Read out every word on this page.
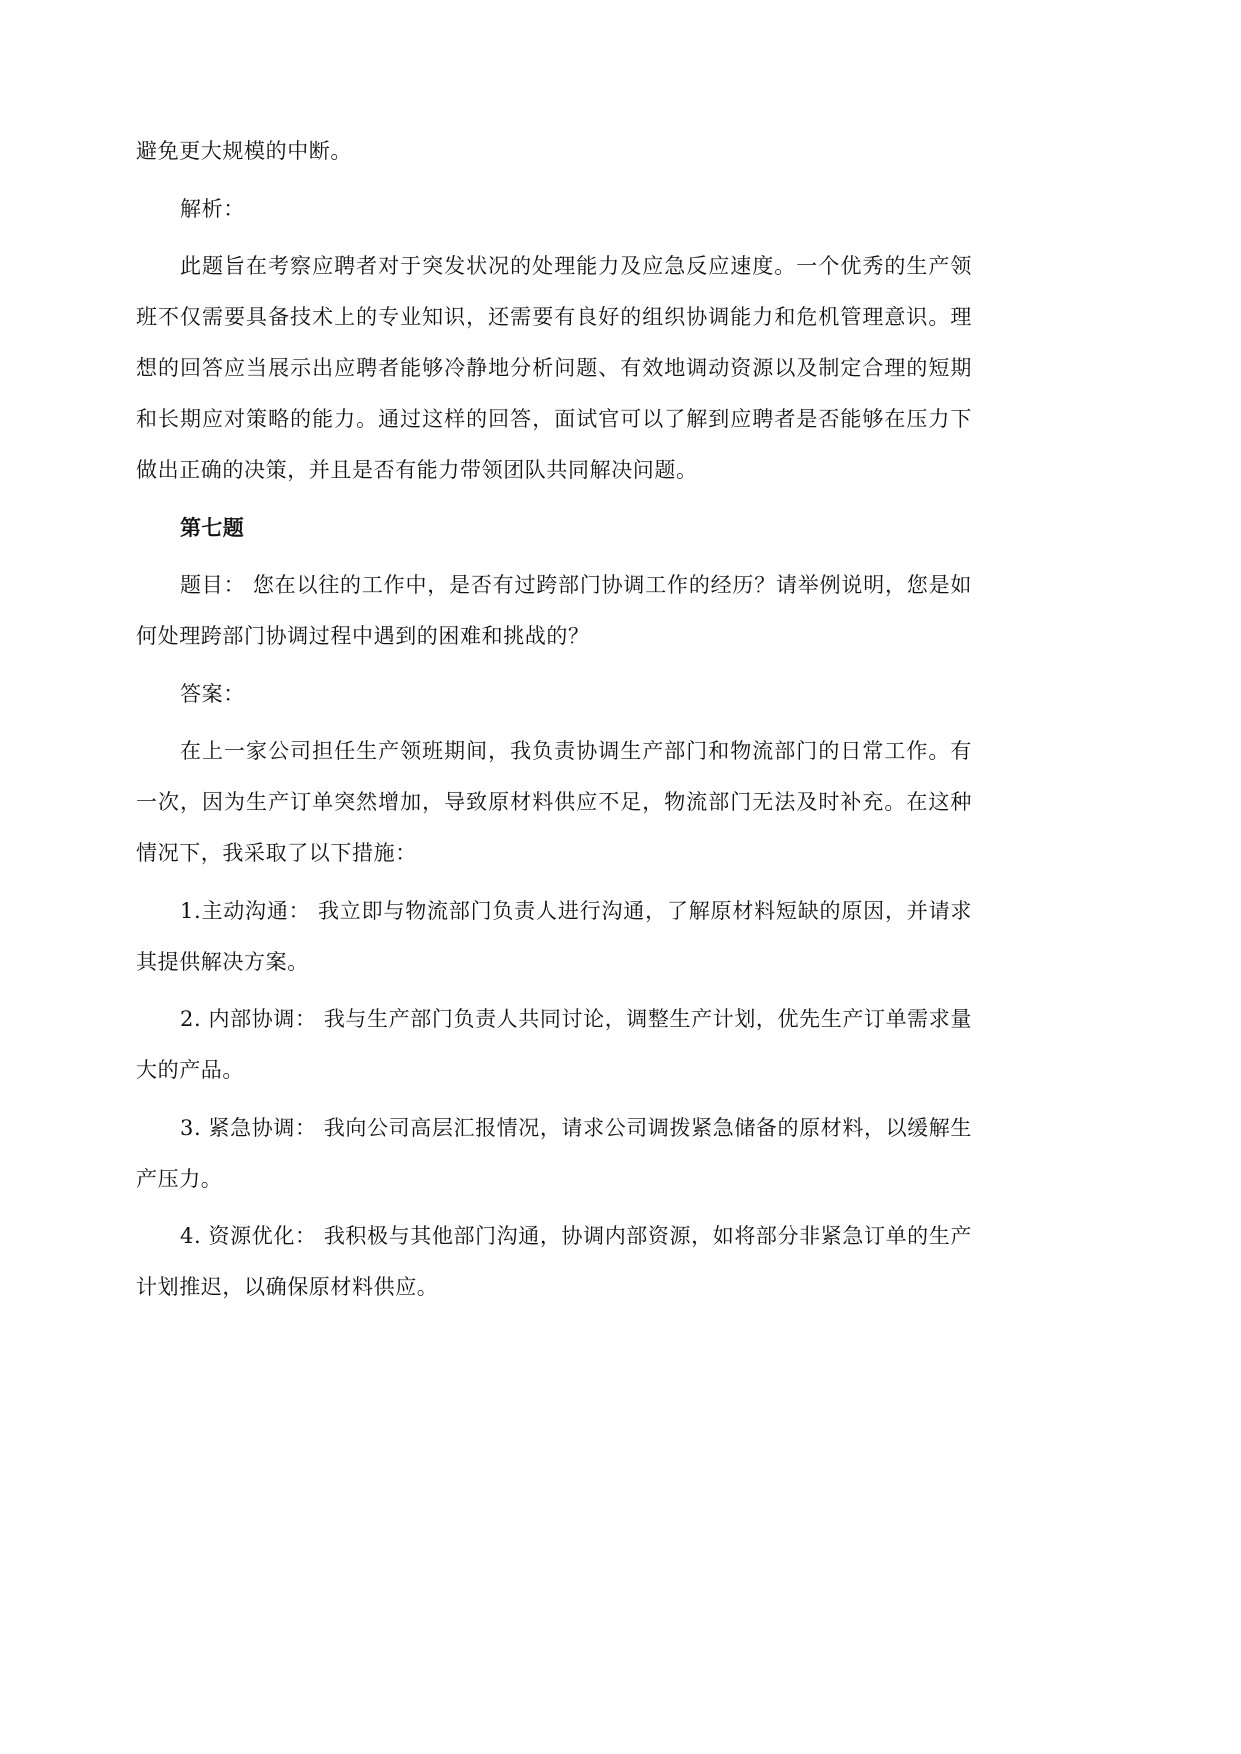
避免更大规模的中断。

解析：

此题旨在考察应聘者对于突发状况的处理能力及应急反应速度。一个优秀的生产领班不仅需要具备技术上的专业知识，还需要有良好的组织协调能力和危机管理意识。理想的回答应当展示出应聘者能够冷静地分析问题、有效地调动资源以及制定合理的短期和长期应对策略的能力。通过这样的回答，面试官可以了解到应聘者是否能够在压力下做出正确的决策，并且是否有能力带领团队共同解决问题。

第七题

题目： 您在以往的工作中，是否有过跨部门协调工作的经历？请举例说明，您是如何处理跨部门协调过程中遇到的困难和挑战的？

答案：

在上一家公司担任生产领班期间，我负责协调生产部门和物流部门的日常工作。有一次，因为生产订单突然增加，导致原材料供应不足，物流部门无法及时补充。在这种情况下，我采取了以下措施：

1.主动沟通： 我立即与物流部门负责人进行沟通，了解原材料短缺的原因，并请求其提供解决方案。

2. 内部协调： 我与生产部门负责人共同讨论，调整生产计划，优先生产订单需求量大的产品。

3. 紧急协调： 我向公司高层汇报情况，请求公司调拨紧急储备的原材料，以缓解生产压力。

4. 资源优化： 我积极与其他部门沟通，协调内部资源，如将部分非紧急订单的生产计划推迟，以确保原材料供应。
